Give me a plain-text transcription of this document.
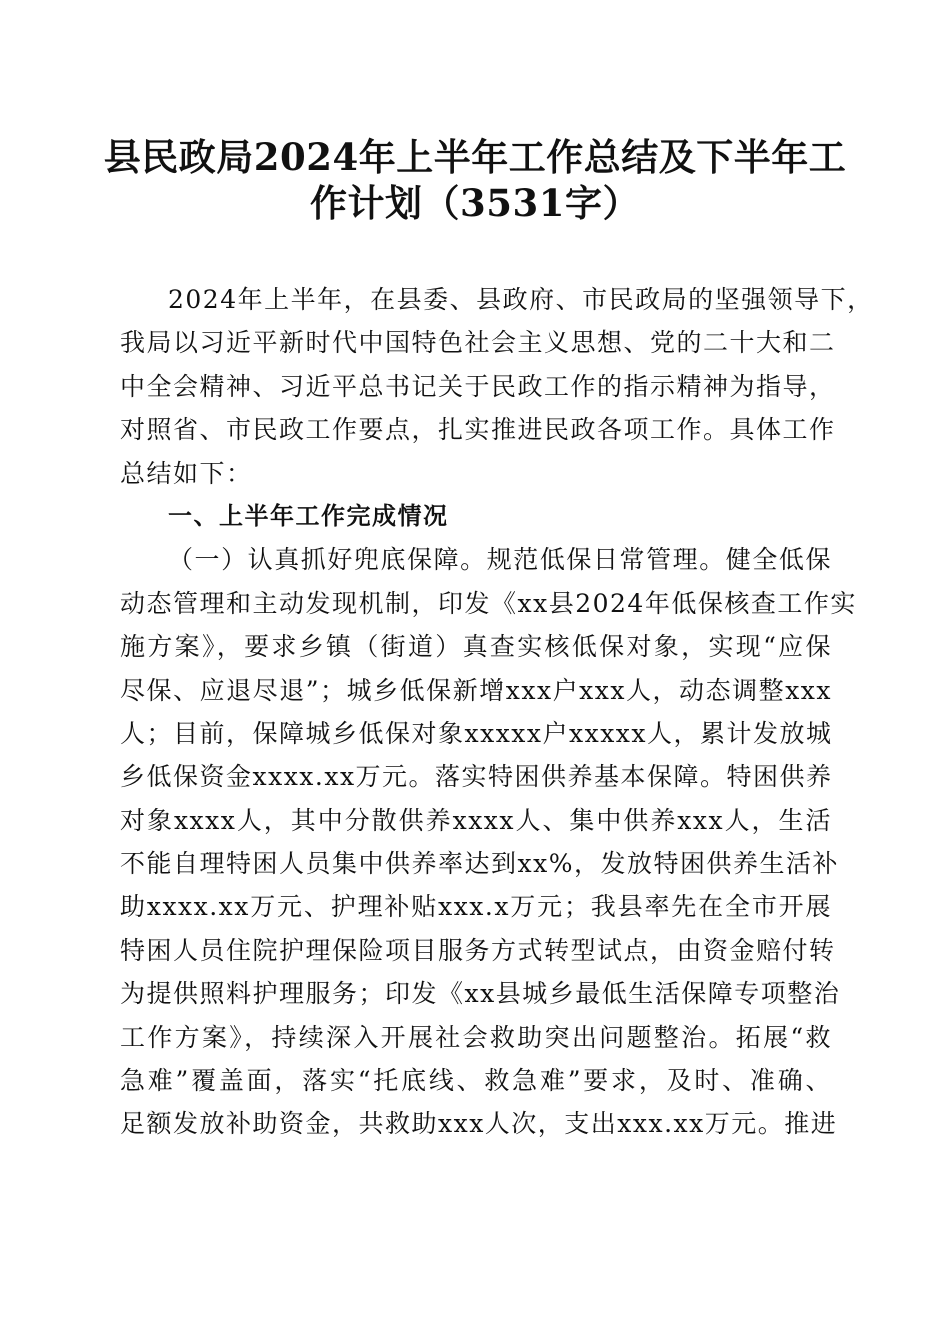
县民政局2024年上半年工作总结及下半年工
作计划（3531字）
2024年上半年，在县委、县政府、市民政局的坚强领导下，
我局以习近平新时代中国特色社会主义思想、党的二十大和二
中全会精神、习近平总书记关于民政工作的指示精神为指导，
对照省、市民政工作要点，扎实推进民政各项工作。具体工作
总结如下：
一、上半年工作完成情况
（一）认真抓好兜底保障。规范低保日常管理。健全低保
动态管理和主动发现机制，印发《xx县2024年低保核查工作实
施方案》，要求乡镇（街道）真查实核低保对象，实现“应保
尽保、应退尽退”；城乡低保新增xxx户xxx人，动态调整xxx
人；目前，保障城乡低保对象xxxxx户xxxxx人，累计发放城
乡低保资金xxxx.xx万元。落实特困供养基本保障。特困供养
对象xxxx人，其中分散供养xxxx人、集中供养xxx人，生活
不能自理特困人员集中供养率达到xx%，发放特困供养生活补
助xxxx.xx万元、护理补贴xxx.x万元；我县率先在全市开展
特困人员住院护理保险项目服务方式转型试点，由资金赔付转
为提供照料护理服务；印发《xx县城乡最低生活保障专项整治
工作方案》，持续深入开展社会救助突出问题整治。拓展“救
急难”覆盖面，落实“托底线、救急难”要求，及时、准确、
足额发放补助资金，共救助xxx人次，支出xxx.xx万元。推进
